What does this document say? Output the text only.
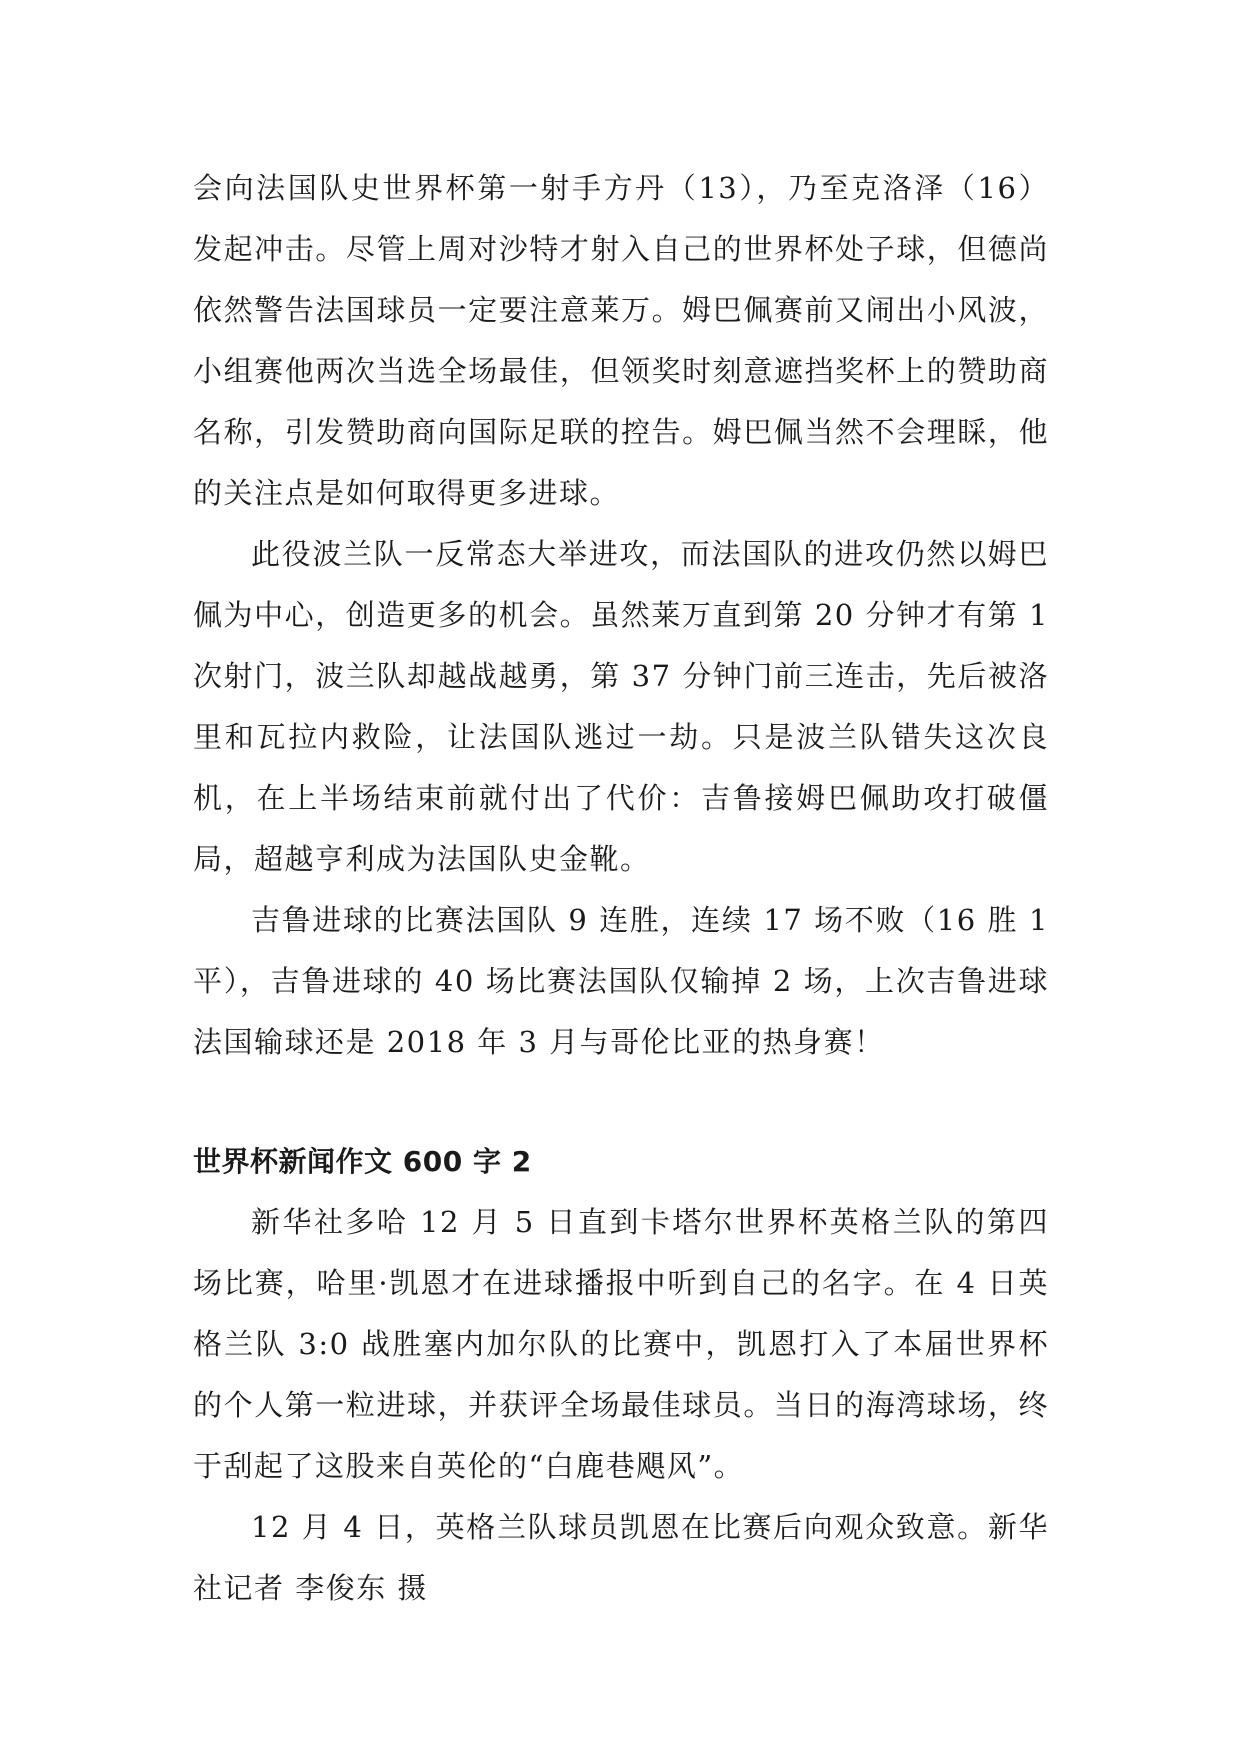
会向法国队史世界杯第一射手方丹（13），乃至克洛泽（16）发起冲击。尽管上周对沙特才射入自己的世界杯处子球，但德尚依然警告法国球员一定要注意莱万。姆巴佩赛前又闹出小风波，小组赛他两次当选全场最佳，但领奖时刻意遮挡奖杯上的赞助商名称，引发赞助商向国际足联的控告。姆巴佩当然不会理睬，他的关注点是如何取得更多进球。

此役波兰队一反常态大举进攻，而法国队的进攻仍然以姆巴佩为中心，创造更多的机会。虽然莱万直到第 20 分钟才有第 1 次射门，波兰队却越战越勇，第 37 分钟门前三连击，先后被洛里和瓦拉内救险，让法国队逃过一劫。只是波兰队错失这次良机，在上半场结束前就付出了代价：吉鲁接姆巴佩助攻打破僵局，超越亨利成为法国队史金靴。

吉鲁进球的比赛法国队 9 连胜，连续 17 场不败（16 胜 1 平），吉鲁进球的 40 场比赛法国队仅输掉 2 场，上次吉鲁进球法国输球还是 2018 年 3 月与哥伦比亚的热身赛！

世界杯新闻作文 600 字 2

新华社多哈 12 月 5 日直到卡塔尔世界杯英格兰队的第四场比赛，哈里·凯恩才在进球播报中听到自己的名字。在 4 日英格兰队 3:0 战胜塞内加尔队的比赛中，凯恩打入了本届世界杯的个人第一粒进球，并获评全场最佳球员。当日的海湾球场，终于刮起了这股来自英伦的“白鹿巷飓风”。

12 月 4 日，英格兰队球员凯恩在比赛后向观众致意。新华社记者 李俊东 摄
